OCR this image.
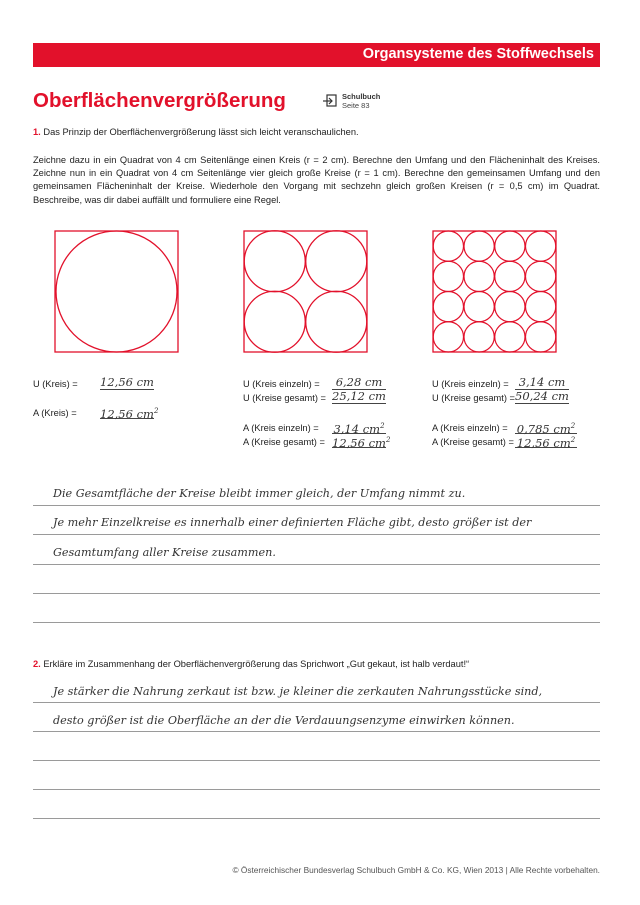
Organsysteme des Stoffwechsels
Oberflächenvergrößerung	Schulbuch
Seite 83
1. Das Prinzip der Oberflächenvergrößerung lässt sich leicht veranschaulichen.
Zeichne dazu in ein Quadrat von 4 cm Seitenlänge einen Kreis (r = 2 cm). Berechne den Umfang und den Flächeninhalt des Kreises. Zeichne nun in ein Quadrat von 4 cm Seitenlänge vier gleich große Kreise (r = 1 cm). Berechne den gemeinsamen Umfang und den gemeinsamen Flächeninhalt der Kreise. Wiederhole den Vorgang mit sechzehn gleich großen Kreisen (r = 0,5 cm) im Quadrat. Beschreibe, was dir dabei auffällt und formuliere eine Regel.
U (Kreis) = 12,56 cm
A (Kreis) = 12,56 $cm^2$
U (Kreis einzeln) =	6,28 cm
U (Kreise gesamt) = 25,12 cm
A (Kreis einzeln) = 3,14 $cm^2$
A (Kreise gesamt) = 12,56 $cm^2$
U (Kreis einzeln) = 3,14 cm
U (Kreise gesamt) = 50,24 cm
A (Kreis einzeln) = 0,785 $cm^2$
A (Kreise gesamt) = 12,56 $cm^2$
Die Gesamtfläche der Kreise bleibt immer gleich, der Umfang nimmt zu.
Je mehr Einzelkreise es innerhalb einer definierten Fläche gibt, desto größer ist der
Gesamtumfang aller Kreise zusammen.
2. Erkläre im Zusammenhang der Oberflächenvergrößerung das Sprichwort „Gut gekaut, ist halb verdaut!“
Je stärker die Nahrung zerkaut ist bzw. je kleiner die zerkauten Nahrungsstücke sind,
desto größer ist die Oberfläche an der die Verdauungsenzyme einwirken können.
© Österreichischer Bundesverlag Schulbuch GmbH & Co. KG, Wien 2013 | Alle Rechte vorbehalten.
